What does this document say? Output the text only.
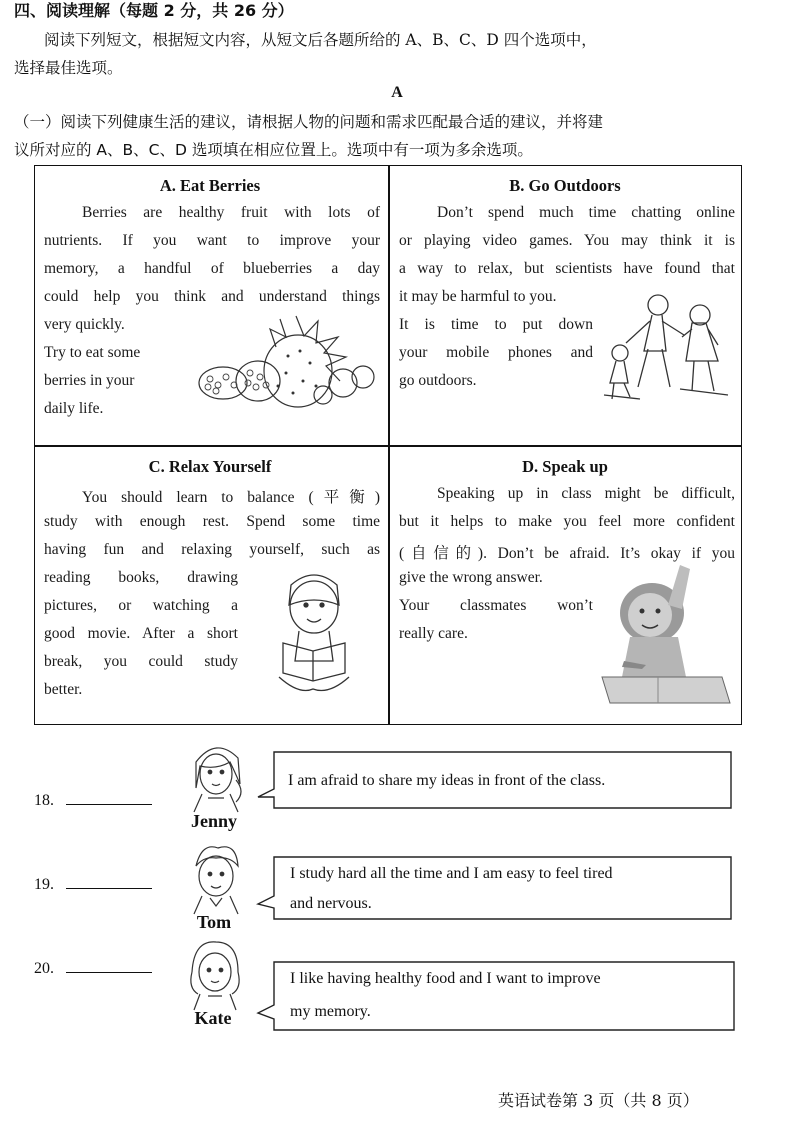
四、阅读理解（每题 2 分，共 26 分）
阅读下列短文，根据短文内容，从短文后各题所给的 A、B、C、D 四个选项中，
选择最佳选项。
A
（一）阅读下列健康生活的建议，请根据人物的问题和需求匹配最合适的建议，并将建
议所对应的 A、B、C、D 选项填在相应位置上。选项中有一项为多余选项。
A. Eat Berries
Berries are healthy fruit with lots of
nutrients. If you want to improve your
memory, a handful of blueberries a day
could help you think and understand things
very quickly.
Try to eat some
berries in your
daily life.
B. Go Outdoors
Don’t spend much time chatting online
or playing video games. You may think it is
a way to relax, but scientists have found that
it may be harmful to you.
It is time to put down
your mobile phones and
go outdoors.
C. Relax Yourself
You should learn to balance (平衡)
study with enough rest. Spend some time
having fun and relaxing yourself, such as
reading books, drawing
pictures, or watching a
good movie. After a short
break, you could study
better.
D. Speak up
Speaking up in class might be difficult,
but it helps to make you feel more confident
(自信的). Don’t be afraid. It’s okay if you
give the wrong answer.
Your classmates won’t
really care.
18.
Jenny
I am afraid to share my ideas in front of the class.
19.
Tom
I study hard all the time and I am easy to feel tired
and nervous.
20.
Kate
I like having healthy food and I want to improve
my memory.
英语试卷第 3 页（共 8 页）
